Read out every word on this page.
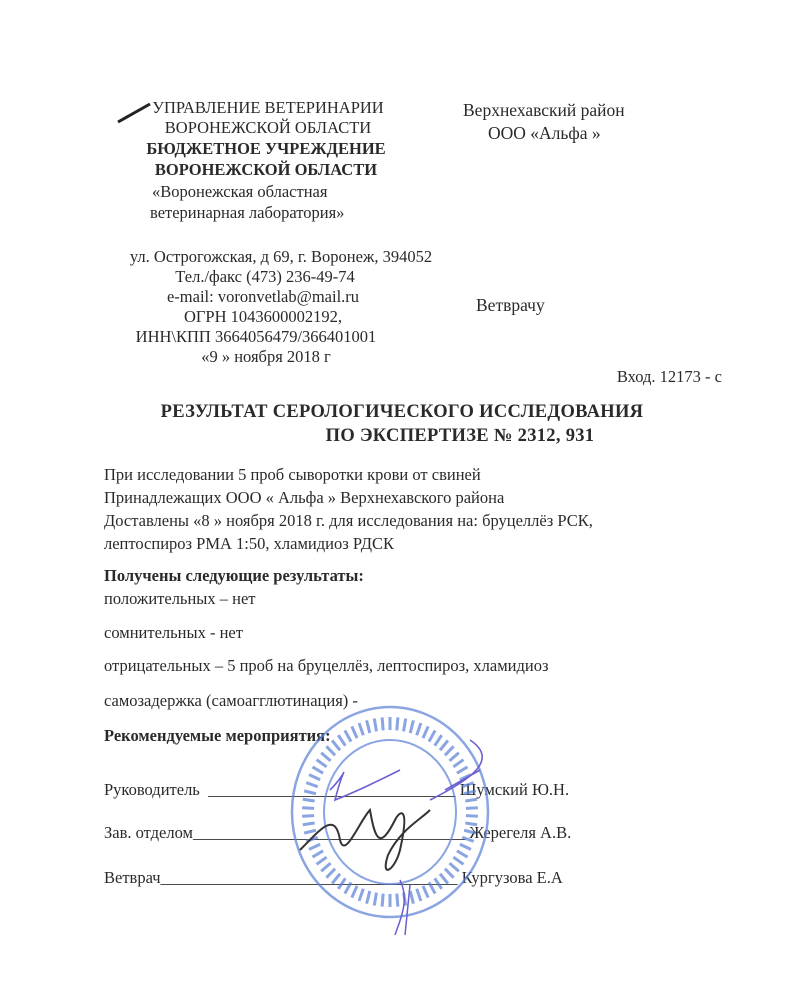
УПРАВЛЕНИЕ ВЕТЕРИНАРИИ
ВОРОНЕЖСКОЙ ОБЛАСТИ
БЮДЖЕТНОЕ УЧРЕЖДЕНИЕ
ВОРОНЕЖСКОЙ ОБЛАСТИ
«Воронежская областная
ветеринарная лаборатория»
ул. Острогожская, д 69, г. Воронеж, 394052
Тел./факс (473) 236-49-74
e-mail: voronvetlab@mail.ru
ОГРН 1043600002192,
ИНН\КПП 3664056479/366401001
«9 » ноября 2018 г
Верхнехавский район
ООО «Альфа »
Ветврачу
Вход. 12173 - с
РЕЗУЛЬТАТ СЕРОЛОГИЧЕСКОГО ИССЛЕДОВАНИЯ
ПО ЭКСПЕРТИЗЕ № 2312, 931
При исследовании 5 проб сыворотки крови от свиней
Принадлежащих ООО « Альфа » Верхнехавского района
Доставлены «8 » ноября 2018 г. для исследования на: бруцеллёз РСК,
лептоспироз РМА 1:50, хламидиоз РДСК
Получены следующие результаты:
положительных – нет
сомнительных - нет
отрицательных – 5 проб на бруцеллёз, лептоспироз, хламидиоз
самозадержка (самоагглютинация) -
Рекомендуемые мероприятия:
Руководитель  ______________________________ Шумский Ю.Н.
Зав. отделом_________________________________ Жерегеля А.В.
Ветврач____________________________________ Кургузова Е.А
